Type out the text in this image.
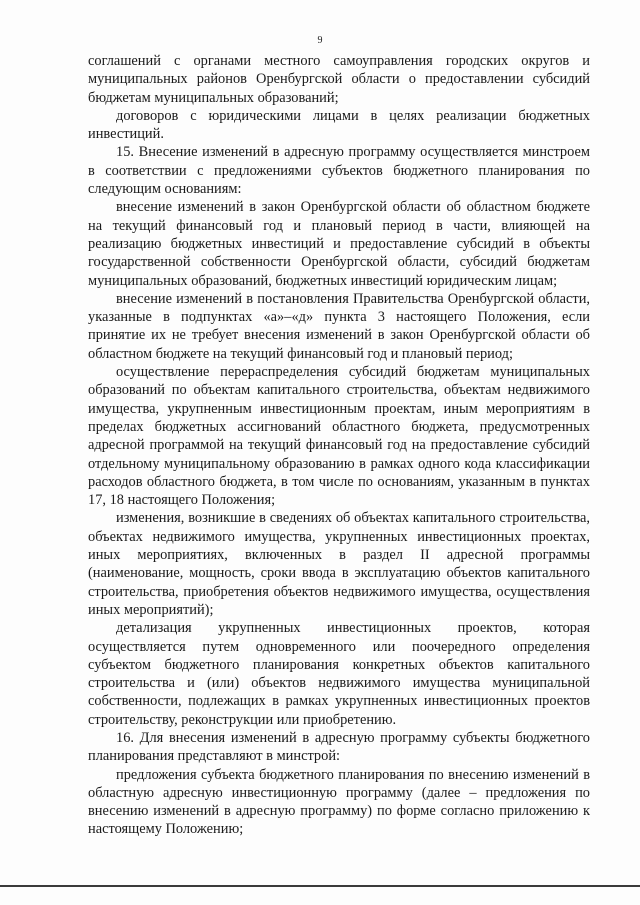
9

соглашений с органами местного самоуправления городских округов и муниципальных районов Оренбургской области о предоставлении субсидий бюджетам муниципальных образований;

договоров с юридическими лицами в целях реализации бюджетных инвестиций.

15. Внесение изменений в адресную программу осуществляется минстроем в соответствии с предложениями субъектов бюджетного планирования по следующим основаниям:

внесение изменений в закон Оренбургской области об областном бюджете на текущий финансовый год и плановый период в части, влияющей на реализацию бюджетных инвестиций и предоставление субсидий в объекты государственной собственности Оренбургской области, субсидий бюджетам муниципальных образований, бюджетных инвестиций юридическим лицам;

внесение изменений в постановления Правительства Оренбургской области, указанные в подпунктах «а»–«д» пункта 3 настоящего Положения, если принятие их не требует внесения изменений в закон Оренбургской области об областном бюджете на текущий финансовый год и плановый период;

осуществление перераспределения субсидий бюджетам муниципальных образований по объектам капитального строительства, объектам недвижимого имущества, укрупненным инвестиционным проектам, иным мероприятиям в пределах бюджетных ассигнований областного бюджета, предусмотренных адресной программой на текущий финансовый год на предоставление субсидий отдельному муниципальному образованию в рамках одного кода классификации расходов областного бюджета, в том числе по основаниям, указанным в пунктах 17, 18 настоящего Положения;

изменения, возникшие в сведениях об объектах капитального строительства, объектах недвижимого имущества, укрупненных инвестиционных проектах, иных мероприятиях, включенных в раздел II адресной программы (наименование, мощность, сроки ввода в эксплуатацию объектов капитального строительства, приобретения объектов недвижимого имущества, осуществления иных мероприятий);

детализация укрупненных инвестиционных проектов, которая осуществляется путем одновременного или поочередного определения субъектом бюджетного планирования конкретных объектов капитального строительства и (или) объектов недвижимого имущества муниципальной собственности, подлежащих в рамках укрупненных инвестиционных проектов строительству, реконструкции или приобретению.

16. Для внесения изменений в адресную программу субъекты бюджетного планирования представляют в минстрой:

предложения субъекта бюджетного планирования по внесению изменений в областную адресную инвестиционную программу (далее – предложения по внесению изменений в адресную программу) по форме согласно приложению к настоящему Положению;
